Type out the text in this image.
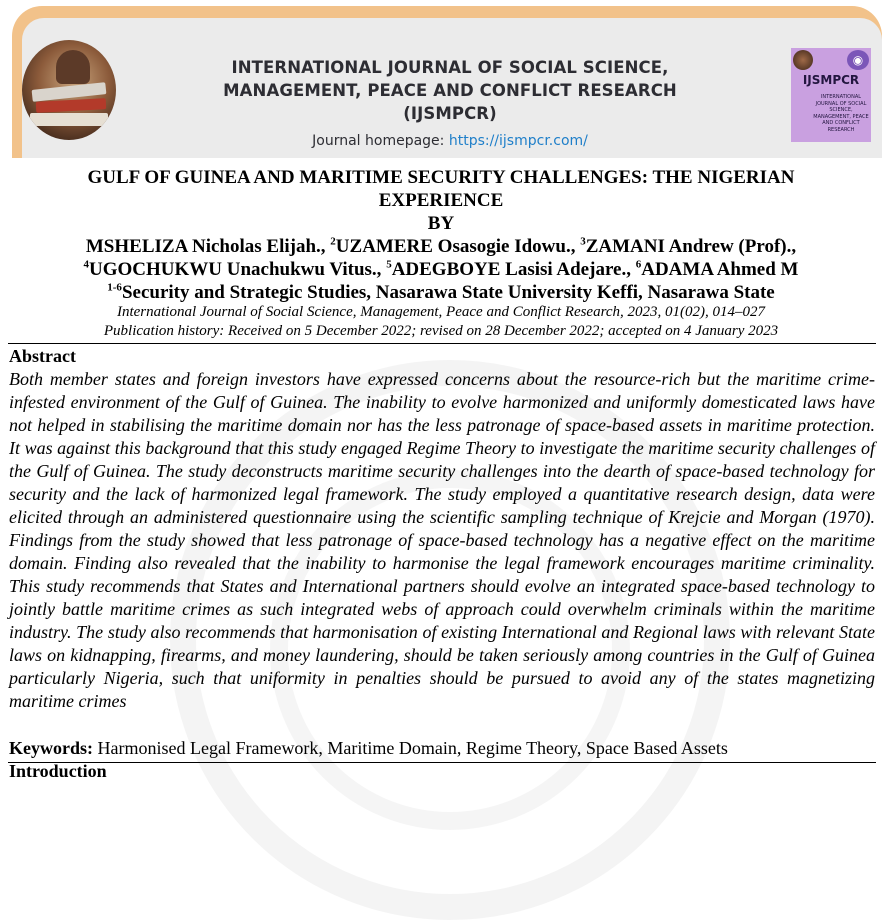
INTERNATIONAL JOURNAL OF SOCIAL SCIENCE,
MANAGEMENT, PEACE AND CONFLICT RESEARCH
(IJSMPCR)
Journal homepage: https://ijsmpcr.com/
◉
IJSMPCR
INTERNATIONAL JOURNAL OF SOCIAL SCIENCE, MANAGEMENT, PEACE AND CONFLICT RESEARCH
GULF OF GUINEA AND MARITIME SECURITY CHALLENGES: THE NIGERIAN
EXPERIENCE
BY
MSHELIZA Nicholas Elijah., $^2$UZAMERE Osasogie Idowu., $^3$ZAMANI Andrew (Prof).,
$^4$UGOCHUKWU Unachukwu Vitus., $^5$ADEGBOYE Lasisi Adejare., $^6$ADAMA Ahmed M
$^{1-6}$Security and Strategic Studies, Nasarawa State University Keffi, Nasarawa State
International Journal of Social Science, Management, Peace and Conflict Research, 2023, 01(02), 014–027
Publication history: Received on 5 December 2022; revised on 28 December 2022; accepted on 4 January 2023
Abstract
Both member states and foreign investors have expressed concerns about the resource-rich but the maritime crime-infested environment of the Gulf of Guinea. The inability to evolve harmonized and uniformly domesticated laws have not helped in stabilising the maritime domain nor has the less patronage of space-based assets in maritime protection. It was against this background that this study engaged Regime Theory to investigate the maritime security challenges of the Gulf of Guinea. The study deconstructs maritime security challenges into the dearth of space-based technology for security and the lack of harmonized legal framework. The study employed a quantitative research design, data were elicited through an administered questionnaire using the scientific sampling technique of Krejcie and Morgan (1970). Findings from the study showed that less patronage of space-based technology has a negative effect on the maritime domain. Finding also revealed that the inability to harmonise the legal framework encourages maritime criminality. This study recommends that States and International partners should evolve an integrated space-based technology to jointly battle maritime crimes as such integrated webs of approach could overwhelm criminals within the maritime industry. The study also recommends that harmonisation of existing International and Regional laws with relevant State laws on kidnapping, firearms, and money laundering, should be taken seriously among countries in the Gulf of Guinea particularly Nigeria, such that uniformity in penalties should be pursued to avoid any of the states magnetizing maritime crimes
Keywords: Harmonised Legal Framework, Maritime Domain, Regime Theory, Space Based Assets
Introduction
